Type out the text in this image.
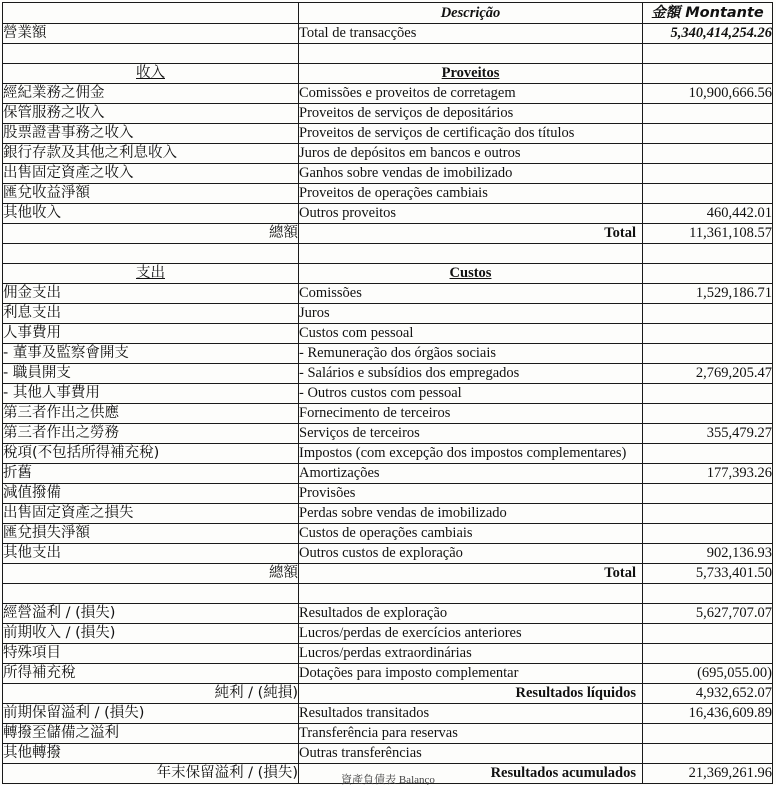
	Descrição	金額 Montante
營業額	Total de transacções	5,340,414,254.26

收入	Proveitos	
經紀業務之佣金	Comissões e proveitos de corretagem	10,900,666.56
保管服務之收入	Proveitos de serviços de depositários	
股票證書事務之收入	Proveitos de serviços de certificação dos títulos	
銀行存款及其他之利息收入	Juros de depósitos em bancos e outros	
出售固定資產之收入	Ganhos sobre vendas de imobilizado	
匯兌收益淨額	Proveitos de operações cambiais	
其他收入	Outros proveitos	460,442.01
總額	Total	11,361,108.57

支出	Custos	
佣金支出	Comissões	1,529,186.71
利息支出	Juros	
人事費用	Custos com pessoal	
- 董事及監察會開支	- Remuneração dos órgãos sociais	
- 職員開支	- Salários e subsídios dos empregados	2,769,205.47
- 其他人事費用	- Outros custos com pessoal	
第三者作出之供應	Fornecimento de terceiros	
第三者作出之勞務	Serviços de terceiros	355,479.27
稅項(不包括所得補充稅)	Impostos (com excepção dos impostos complementares)	
折舊	Amortizações	177,393.26
減值撥備	Provisões	
出售固定資產之損失	Perdas sobre vendas de imobilizado	
匯兌損失淨額	Custos de operações cambiais	
其他支出	Outros custos de exploração	902,136.93
總額	Total	5,733,401.50

經營溢利 / (損失)	Resultados de exploração	5,627,707.07
前期收入 / (損失)	Lucros/perdas de exercícios anteriores	
特殊項目	Lucros/perdas extraordinárias	
所得補充稅	Dotações para imposto complementar	(695,055.00)
純利 / (純損)	Resultados líquidos	4,932,652.07
前期保留溢利 / (損失)	Resultados transitados	16,436,609.89
轉撥至儲備之溢利	Transferência para reservas	
其他轉撥	Outras transferências	
年末保留溢利 / (損失)	Resultados acumulados	21,369,261.96
資產負債表 Balanço
